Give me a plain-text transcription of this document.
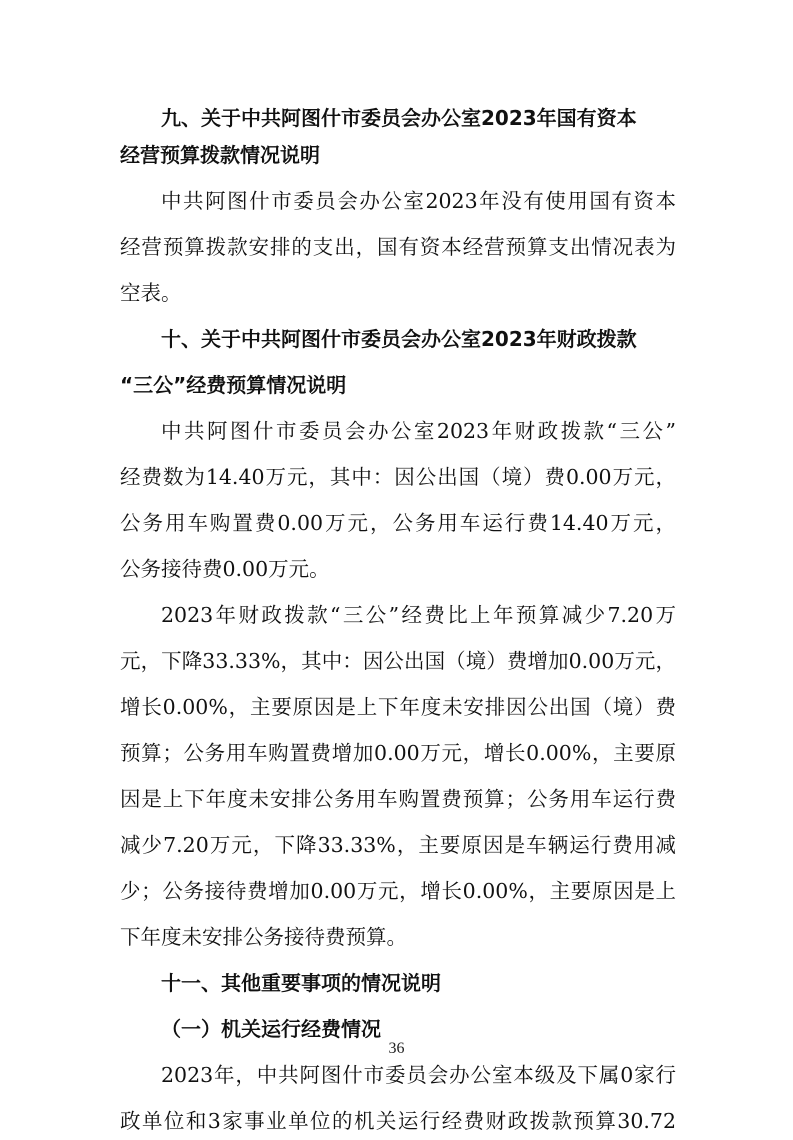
九、关于中共阿图什市委员会办公室2023年国有资本
经营预算拨款情况说明
中共阿图什市委员会办公室2023年没有使用国有资本
经营预算拨款安排的支出，国有资本经营预算支出情况表为
空表。
十、关于中共阿图什市委员会办公室2023年财政拨款
“三公”经费预算情况说明
中共阿图什市委员会办公室2023年财政拨款“三公”
经费数为14.40万元，其中：因公出国（境）费0.00万元，
公务用车购置费0.00万元，公务用车运行费14.40万元，
公务接待费0.00万元。
2023年财政拨款“三公”经费比上年预算减少7.20万
元，下降33.33%，其中：因公出国（境）费增加0.00万元，
增长0.00%，主要原因是上下年度未安排因公出国（境）费
预算；公务用车购置费增加0.00万元，增长0.00%，主要原
因是上下年度未安排公务用车购置费预算；公务用车运行费
减少7.20万元，下降33.33%，主要原因是车辆运行费用减
少；公务接待费增加0.00万元，增长0.00%，主要原因是上
下年度未安排公务接待费预算。
十一、其他重要事项的情况说明
（一）机关运行经费情况
2023年，中共阿图什市委员会办公室本级及下属0家行
政单位和3家事业单位的机关运行经费财政拨款预算30.72
36
